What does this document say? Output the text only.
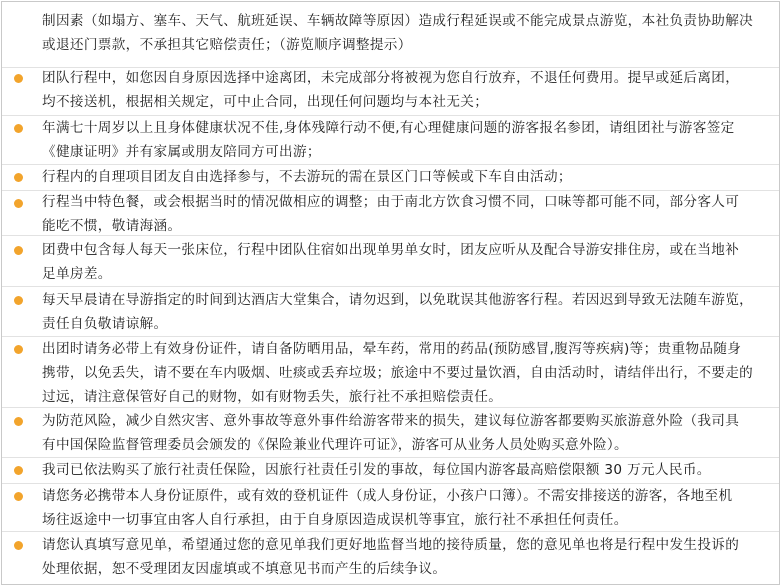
制因素（如塌方、塞车、天气、航班延误、车辆故障等原因）造成行程延误或不能完成景点游览，本社负责协助解决
或退还门票款，不承担其它赔偿责任；（游览顺序调整提示）
团队行程中，如您因自身原因选择中途离团，未完成部分将被视为您自行放弃，不退任何费用。提早或延后离团，
均不接送机，根据相关规定，可中止合同，出现任何问题均与本社无关；
年满七十周岁以上且身体健康状况不佳,身体残障行动不便,有心理健康问题的游客报名参团，请组团社与游客签定
《健康证明》并有家属或朋友陪同方可出游；
行程内的自理项目团友自由选择参与，不去游玩的需在景区门口等候或下车自由活动；
行程当中特色餐，或会根据当时的情况做相应的调整；由于南北方饮食习惯不同，口味等都可能不同，部分客人可
能吃不惯，敬请海涵。
团费中包含每人每天一张床位，行程中团队住宿如出现单男单女时，团友应听从及配合导游安排住房，或在当地补
足单房差。
每天早晨请在导游指定的时间到达酒店大堂集合，请勿迟到，以免耽误其他游客行程。若因迟到导致无法随车游览，
责任自负敬请谅解。
出团时请务必带上有效身份证件，请自备防晒用品，晕车药，常用的药品(预防感冒,腹泻等疾病)等；贵重物品随身
携带，以免丢失，请不要在车内吸烟、吐痰或丢弃垃圾；旅途中不要过量饮酒，自由活动时，请结伴出行，不要走的
过远，请注意保管好自己的财物，如有财物丢失，旅行社不承担赔偿责任。
为防范风险，减少自然灾害、意外事故等意外事件给游客带来的损失，建议每位游客都要购买旅游意外险（我司具
有中国保险监督管理委员会颁发的《保险兼业代理许可证》，游客可从业务人员处购买意外险）。
我司已依法购买了旅行社责任保险，因旅行社责任引发的事故，每位国内游客最高赔偿限额 30 万元人民币。
请您务必携带本人身份证原件，或有效的登机证件（成人身份证，小孩户口簿）。不需安排接送的游客，各地至机
场往返途中一切事宜由客人自行承担，由于自身原因造成误机等事宜，旅行社不承担任何责任。
请您认真填写意见单，希望通过您的意见单我们更好地监督当地的接待质量，您的意见单也将是行程中发生投诉的
处理依据，恕不受理团友因虚填或不填意见书而产生的后续争议。
